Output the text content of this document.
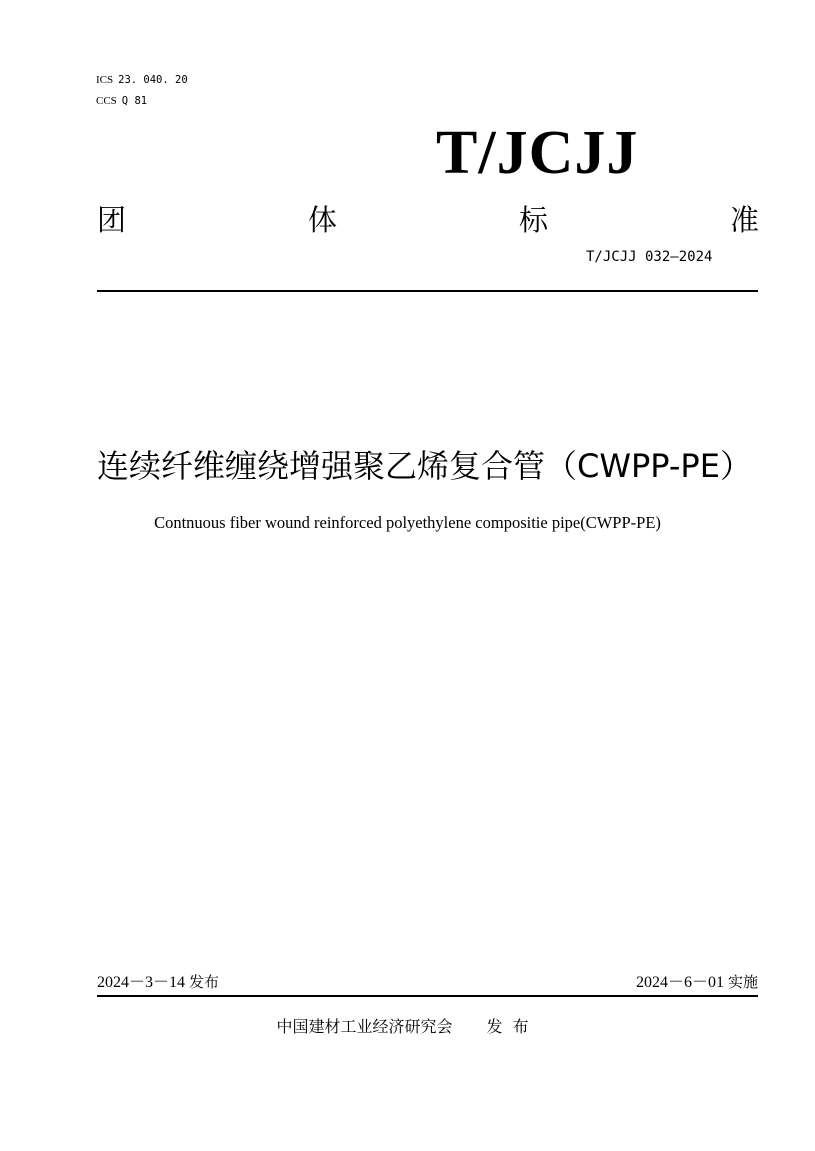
ICS 23. 040. 20
CCS Q 81
T/JCJJ
团	体	标	准
T/JCJJ 032—2024
连续纤维缠绕增强聚乙烯复合管（CWPP-PE）
Contnuous fiber wound reinforced polyethylene compositie pipe(CWPP-PE)
2024－3－14 发布	2024－6－01 实施
中国建材工业经济研究会 发布
